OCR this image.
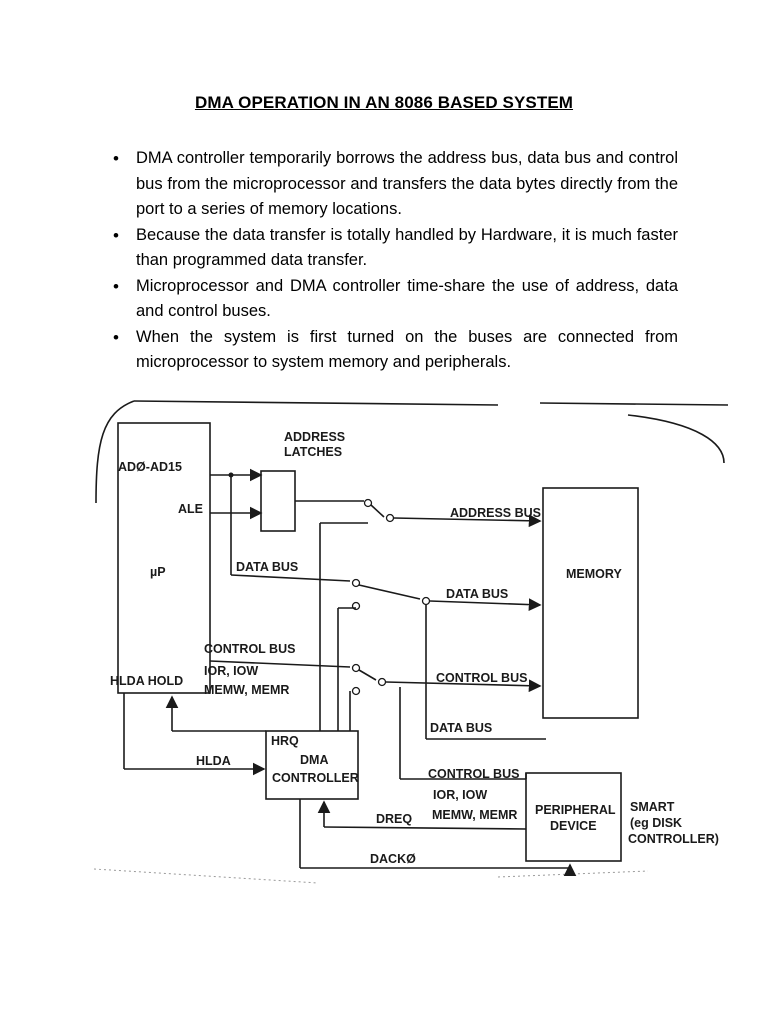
DMA OPERATION IN AN 8086 BASED SYSTEM
• DMA controller temporarily borrows the address bus, data bus and control bus from the microprocessor and transfers the data bytes directly from the port to a series of memory locations.
• Because the data transfer is totally handled by Hardware, it is much faster than programmed data transfer.
• Microprocessor and DMA controller time-share the use of address, data and control buses.
• When the system is first turned on the buses are connected from microprocessor to system memory and peripherals.
µP
ADØ-AD15
ALE
HLDA HOLD
ADDRESS
LATCHES
ADDRESS BUS
MEMORY
DATA BUS
DATA BUS
CONTROL BUS
IOR, IOW
MEMW, MEMR
CONTROL BUS
HRQ
DMA
CONTROLLER
HLDA
DATA BUS
CONTROL BUS
IOR, IOW
MEMW, MEMR PERIPHERAL
DEVICE
SMART
(eg DISK
CONTROLLER)
DREQ
DACKØ
